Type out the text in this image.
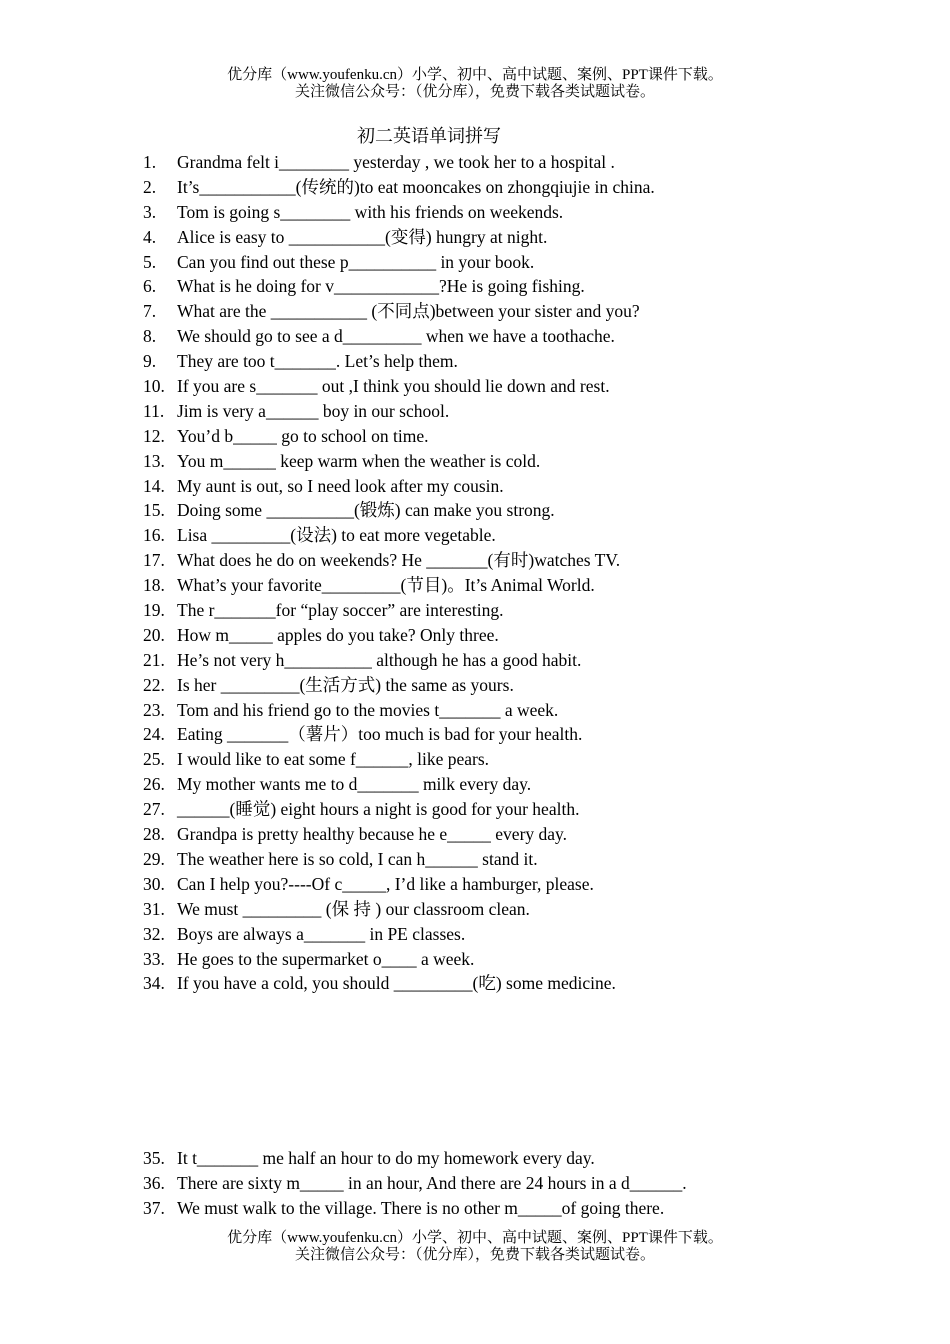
优分库（www.youfenku.cn）小学、初中、高中试题、案例、PPT课件下载。
关注微信公众号：（优分库），免费下载各类试题试卷。
初二英语单词拼写
1. Grandma felt i________ yesterday , we took her to a hospital .
2. It’s___________(传统的)to eat mooncakes on zhongqiujie in china.
3. Tom is going s________ with his friends on weekends.
4. Alice is easy to ___________(变得) hungry at night.
5. Can you find out these p__________ in your book.
6. What is he doing for v____________?He is going fishing.
7. What are the ___________ (不同点)between your sister and you?
8. We should go to see a d_________ when we have a toothache.
9. They are too t_______. Let’s help them.
10. If you are s_______ out ,I think you should lie down and rest.
11. Jim is very a______ boy in our school.
12. You’d b_____ go to school on time.
13. You m______ keep warm when the weather is cold.
14. My aunt is out, so I need look after my cousin.
15. Doing some __________(锻炼) can make you strong.
16. Lisa _________(设法) to eat more vegetable.
17. What does he do on weekends? He _______(有时)watches TV.
18. What’s your favorite_________(节目)。It’s Animal World.
19. The r_______for “play soccer” are interesting.
20. How m_____ apples do you take? Only three.
21. He’s not very h__________ although he has a good habit.
22. Is her _________(生活方式) the same as yours.
23. Tom and his friend go to the movies t_______ a week.
24. Eating _______（薯片）too much is bad for your health.
25. I would like to eat some f______, like pears.
26. My mother wants me to d_______ milk every day.
27. ______(睡觉) eight hours a night is good for your health.
28. Grandpa is pretty healthy because he e_____ every day.
29. The weather here is so cold, I can h______ stand it.
30. Can I help you?----Of c_____, I’d like a hamburger, please.
31. We must _________ (保 持 ) our classroom clean.
32. Boys are always a_______ in PE classes.
33. He goes to the supermarket o____ a week.
34. If you have a cold, you should _________(吃) some medicine.
35. It t_______ me half an hour to do my homework every day.
36. There are sixty m_____ in an hour, And there are 24 hours in a d______.
37. We must walk to the village. There is no other m_____of going there.
优分库（www.youfenku.cn）小学、初中、高中试题、案例、PPT课件下载。
关注微信公众号：（优分库），免费下载各类试题试卷。
